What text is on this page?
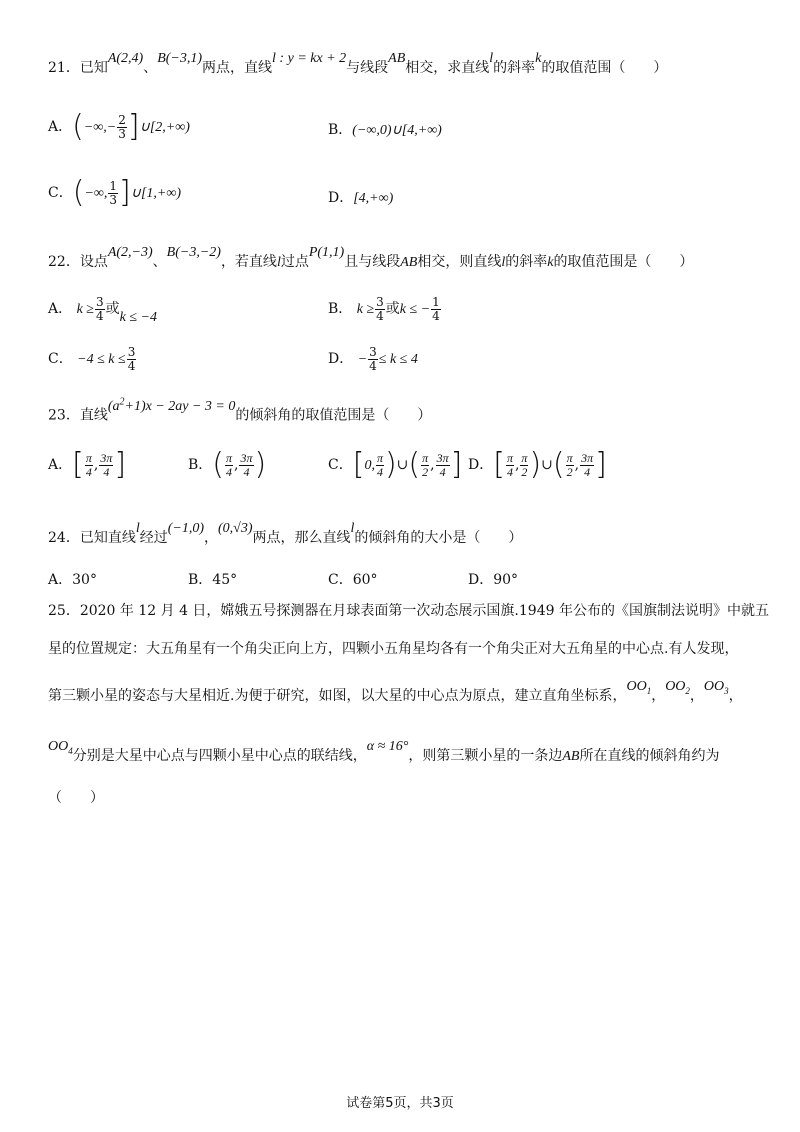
21．已知A(2,4)、B(−3,1)两点，直线l : y = kx + 2与线段AB相交，求直线l的斜率k的取值范围（　　）
A．(−∞,− $\frac{2}{3}$ ]∪[2,+∞)	B．(−∞,0)∪[4,+∞)
C．(−∞, $\frac{1}{3}$ ]∪[1,+∞)	D．[4,+∞)
22．设点A(2,−3)、B(−3,−2)，若直线l过点P(1,1)且与线段AB相交，则直线l的斜率k的取值范围是（　　）
A． $k \ge \frac{3}{4}$ 或k ≤ −4
B． $k \ge \frac{3}{4}$ 或k ≤ − $\frac{1}{4}$
C． $-4 \le k \le \frac{3}{4}$	D． − $\frac{3}{4} \le k \le 4$
23．直线$(a^2+1)x - 2ay - 3 = 0$的倾斜角的取值范围是（　　）
A．[ $\frac{\pi}{4}$ , $\frac{3\pi}{4}$ ]	B．( $\frac{\pi}{4}$ , $\frac{3\pi}{4}$ )	C．[0, $\frac{\pi}{4}$ )∪( $\frac{\pi}{2}$ , $\frac{3\pi}{4}$ ] D．[ $\frac{\pi}{4}$ , $\frac{\pi}{2}$ )∪( $\frac{\pi}{2}$ , $\frac{3\pi}{4}$ ]
24．已知直线l经过(−1,0)，(0,√3)两点，那么直线l的倾斜角的大小是（　　）
A．30°	B．45°	C．60°	D．90°
25．2020 年 12 月 4 日，嫦娥五号探测器在月球表面第一次动态展示国旗.1949 年公布的《国旗制法说明》中就五
星的位置规定：大五角星有一个角尖正向上方，四颗小五角星均各有一个角尖正对大五角星的中心点.有人发现，
第三颗小星的姿态与大星相近.为便于研究，如图，以大星的中心点为原点，建立直角坐标系，$OO_1$，$OO_2$，$OO_3$，
$OO_4$分别是大星中心点与四颗小星中心点的联结线，α ≈ 16°，则第三颗小星的一条边AB所在直线的倾斜角约为
（　　）
试卷第5页，共3页
